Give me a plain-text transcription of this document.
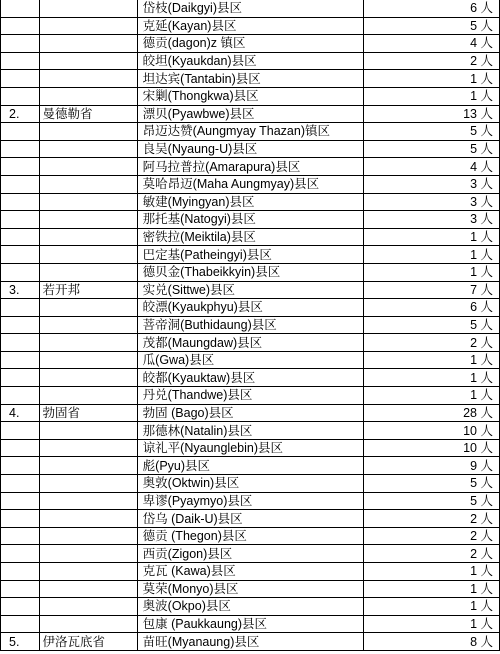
		岱枝(Daikgyi)县区	6 人
		克延(Kayan)县区	5 人
		德贡(dagon)z 镇区	4 人
		皎坦(Kyaukdan)县区	2 人
		坦达宾(Tantabin)县区	1 人
		宋剿(Thongkwa)县区	1 人
2.	曼德勒省	漂贝(Pyawbwe)县区	13 人
		昂迈达赞(Aungmyay Thazan)镇区	5 人
		良吴(Nyaung-U)县区	5 人
		阿马拉普拉(Amarapura)县区	4 人
		莫哈昂迈(Maha Aungmyay)县区	3 人
		敏建(Myingyan)县区	3 人
		那托基(Natogyi)县区	3 人
		密铁拉(Meiktila)县区	1 人
		巴定基(Patheingyi)县区	1 人
		德贝金(Thabeikkyin)县区	1 人
3.	若开邦	实兑(Sittwe)县区	7 人
		皎漂(Kyaukphyu)县区	6 人
		菩帝洞(Buthidaung)县区	5 人
		茂都(Maungdaw)县区	2 人
		瓜(Gwa)县区	1 人
		皎都(Kyauktaw)县区	1 人
		丹兑(Thandwe)县区	1 人
4.	勃固省	勃固 (Bago)县区	28 人
		那德林(Natalin)县区	10 人
		谅礼平(Nyaunglebin)县区	10 人
		彪(Pyu)县区	9 人
		奥敦(Oktwin)县区	5 人
		卑谬(Pyaymyo)县区	5 人
		岱乌 (Daik-U)县区	2 人
		德贡 (Thegon)县区	2 人
		西贡(Zigon)县区	2 人
		克瓦 (Kawa)县区	1 人
		莫荣(Monyo)县区	1 人
		奥波(Okpo)县区	1 人
		包康 (Paukkaung)县区	1 人
5.	伊洛瓦底省	苗旺(Myanaung)县区	8 人
